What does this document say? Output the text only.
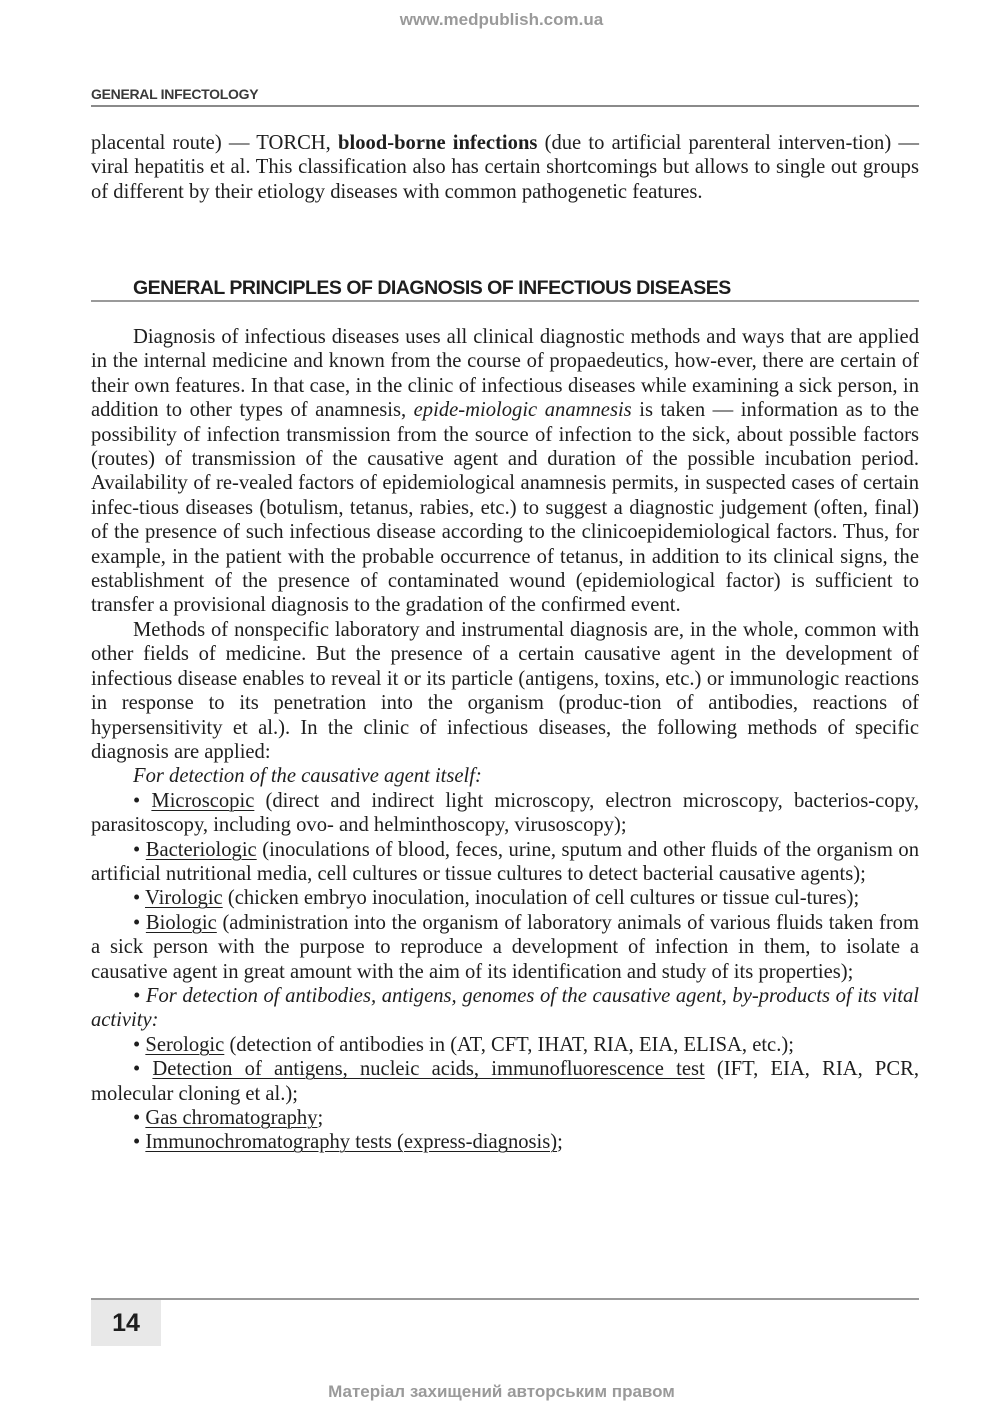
www.medpublish.com.ua
GENERAL INFECTOLOGY

placental route) — TORCH, blood-borne infections (due to artificial parenteral interven-tion) — viral hepatitis et al. This classification also has certain shortcomings but allows to single out groups of different by their etiology diseases with common pathogenetic features.

GENERAL PRINCIPLES OF DIAGNOSIS OF INFECTIOUS DISEASES

Diagnosis of infectious diseases uses all clinical diagnostic methods and ways that are applied in the internal medicine and known from the course of propaedeutics, how-ever, there are certain of their own features. In that case, in the clinic of infectious diseases while examining a sick person, in addition to other types of anamnesis, epide-miologic anamnesis is taken — information as to the possibility of infection transmission from the source of infection to the sick, about possible factors (routes) of transmission of the causative agent and duration of the possible incubation period. Availability of re-vealed factors of epidemiological anamnesis permits, in suspected cases of certain infec-tious diseases (botulism, tetanus, rabies, etc.) to suggest a diagnostic judgement (often, final) of the presence of such infectious disease according to the clinicoepidemiological factors. Thus, for example, in the patient with the probable occurrence of tetanus, in addition to its clinical signs, the establishment of the presence of contaminated wound (epidemiological factor) is sufficient to transfer a provisional diagnosis to the gradation of the confirmed event.

Methods of nonspecific laboratory and instrumental diagnosis are, in the whole, common with other fields of medicine. But the presence of a certain causative agent in the development of infectious disease enables to reveal it or its particle (antigens, toxins, etc.) or immunologic reactions in response to its penetration into the organism (produc-tion of antibodies, reactions of hypersensitivity et al.). In the clinic of infectious diseases, the following methods of specific diagnosis are applied:

For detection of the causative agent itself:

• Microscopic (direct and indirect light microscopy, electron microscopy, bacterios-copy, parasitoscopy, including ovo- and helminthoscopy, virusoscopy);

• Bacteriologic (inoculations of blood, feces, urine, sputum and other fluids of the organism on artificial nutritional media, cell cultures or tissue cultures to detect bacterial causative agents);

• Virologic (chicken embryo inoculation, inoculation of cell cultures or tissue cul-tures);

• Biologic (administration into the organism of laboratory animals of various fluids taken from a sick person with the purpose to reproduce a development of infection in them, to isolate a causative agent in great amount with the aim of its identification and study of its properties);

• For detection of antibodies, antigens, genomes of the causative agent, by-products of its vital activity:

• Serologic (detection of antibodies in (AT, CFT, IHAT, RIA, EIA, ELISA, etc.);

• Detection of antigens, nucleic acids, immunofluorescence test (IFT, EIA, RIA, PCR, molecular cloning et al.);

• Gas chromatography;

• Immunochromatography tests (express-diagnosis);

14
Матеріал захищений авторським правом
